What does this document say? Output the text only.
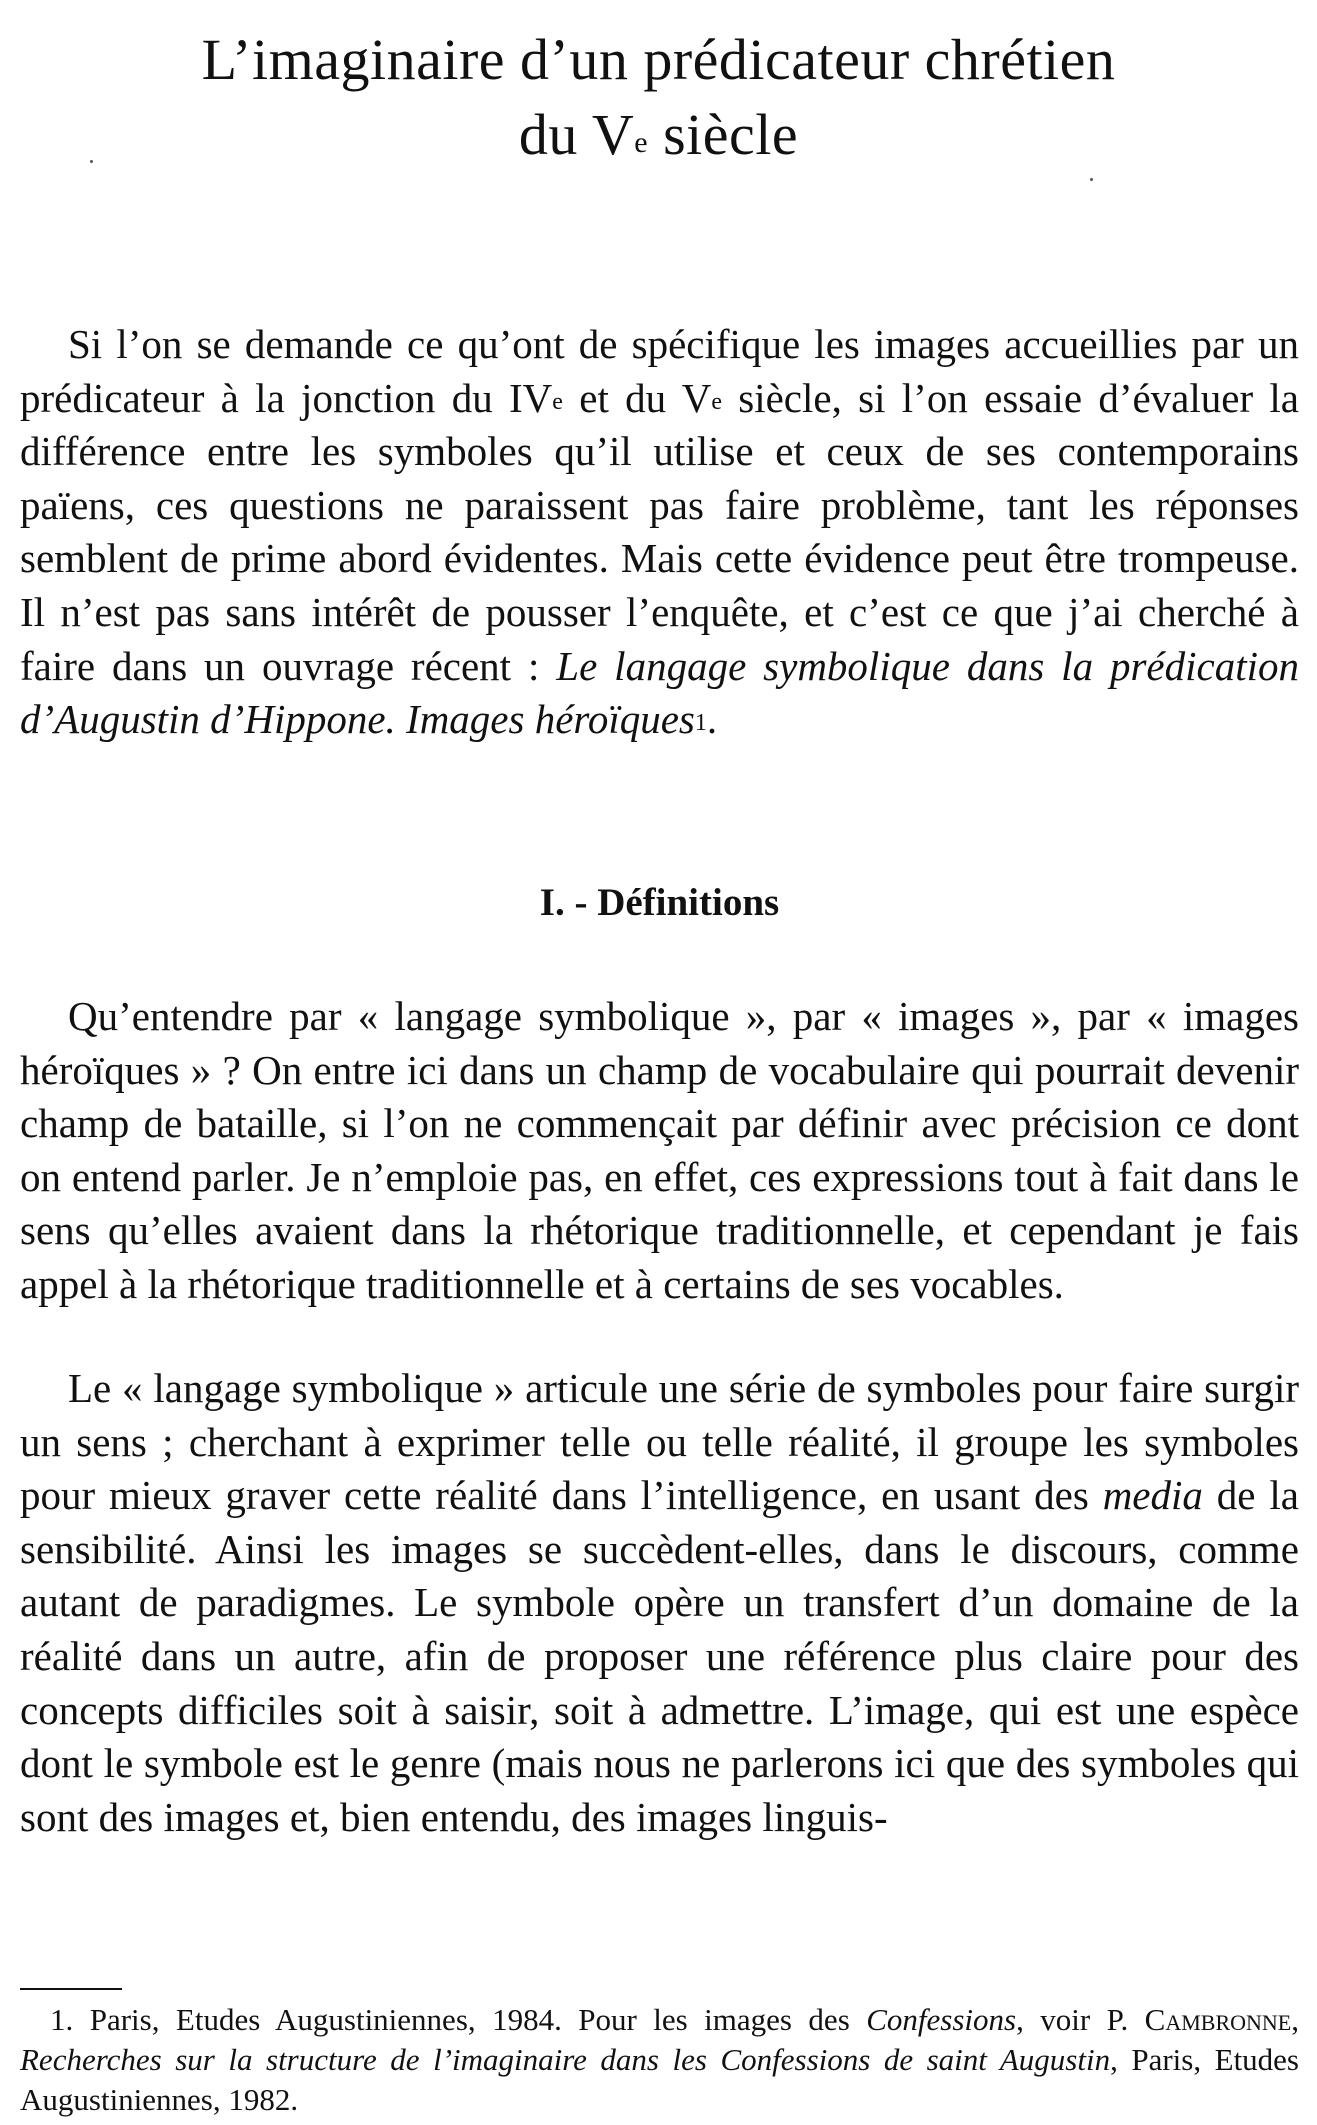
L’imaginaire d’un prédicateur chrétien
du Ve siècle

Si l’on se demande ce qu’ont de spécifique les images accueillies par un prédicateur à la jonction du IVe et du Ve siècle, si l’on essaie d’évaluer la différence entre les symboles qu’il utilise et ceux de ses contemporains païens, ces questions ne paraissent pas faire problème, tant les réponses semblent de prime abord évidentes. Mais cette évidence peut être trompeuse. Il n’est pas sans intérêt de pousser l’enquête, et c’est ce que j’ai cherché à faire dans un ouvrage récent : Le langage symbolique dans la prédication d’Augustin d’Hippone. Images héroïques$^1$.

I. - Définitions

Qu’entendre par « langage symbolique », par « images », par « images héroïques » ? On entre ici dans un champ de vocabulaire qui pourrait devenir champ de bataille, si l’on ne commençait par définir avec précision ce dont on entend parler. Je n’emploie pas, en effet, ces expressions tout à fait dans le sens qu’elles avaient dans la rhétorique traditionnelle, et cependant je fais appel à la rhétorique traditionnelle et à certains de ses vocables.

Le « langage symbolique » articule une série de symboles pour faire surgir un sens ; cherchant à exprimer telle ou telle réalité, il groupe les symboles pour mieux graver cette réalité dans l’intelligence, en usant des media de la sensibilité. Ainsi les images se succèdent-elles, dans le discours, comme autant de paradigmes. Le symbole opère un transfert d’un domaine de la réalité dans un autre, afin de proposer une référence plus claire pour des concepts difficiles soit à saisir, soit à admettre. L’image, qui est une espèce dont le symbole est le genre (mais nous ne parlerons ici que des symboles qui sont des images et, bien entendu, des images linguis-

1. Paris, Etudes Augustiniennes, 1984. Pour les images des Confessions, voir P. Cambronne, Recherches sur la structure de l’imaginaire dans les Confessions de saint Augustin, Paris, Etudes Augustiniennes, 1982.
